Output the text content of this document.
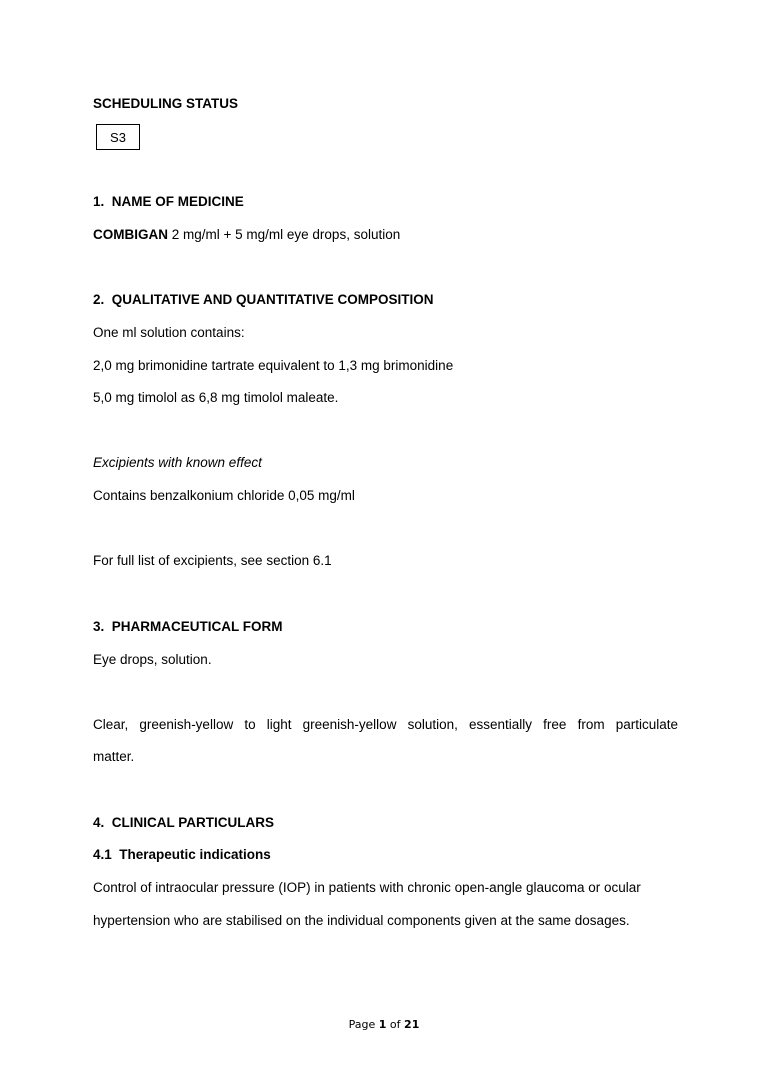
SCHEDULING STATUS
S3
1.  NAME OF MEDICINE
COMBIGAN 2 mg/ml + 5 mg/ml eye drops, solution
2.  QUALITATIVE AND QUANTITATIVE COMPOSITION
One ml solution contains:
2,0 mg brimonidine tartrate equivalent to 1,3 mg brimonidine
5,0 mg timolol as 6,8 mg timolol maleate.
Excipients with known effect
Contains benzalkonium chloride 0,05 mg/ml
For full list of excipients, see section 6.1
3.  PHARMACEUTICAL FORM
Eye drops, solution.
Clear, greenish-yellow to light greenish-yellow solution, essentially free from particulate
matter.
4.  CLINICAL PARTICULARS
4.1  Therapeutic indications
Control of intraocular pressure (IOP) in patients with chronic open-angle glaucoma or ocular
hypertension who are stabilised on the individual components given at the same dosages.
Page 1 of 21
